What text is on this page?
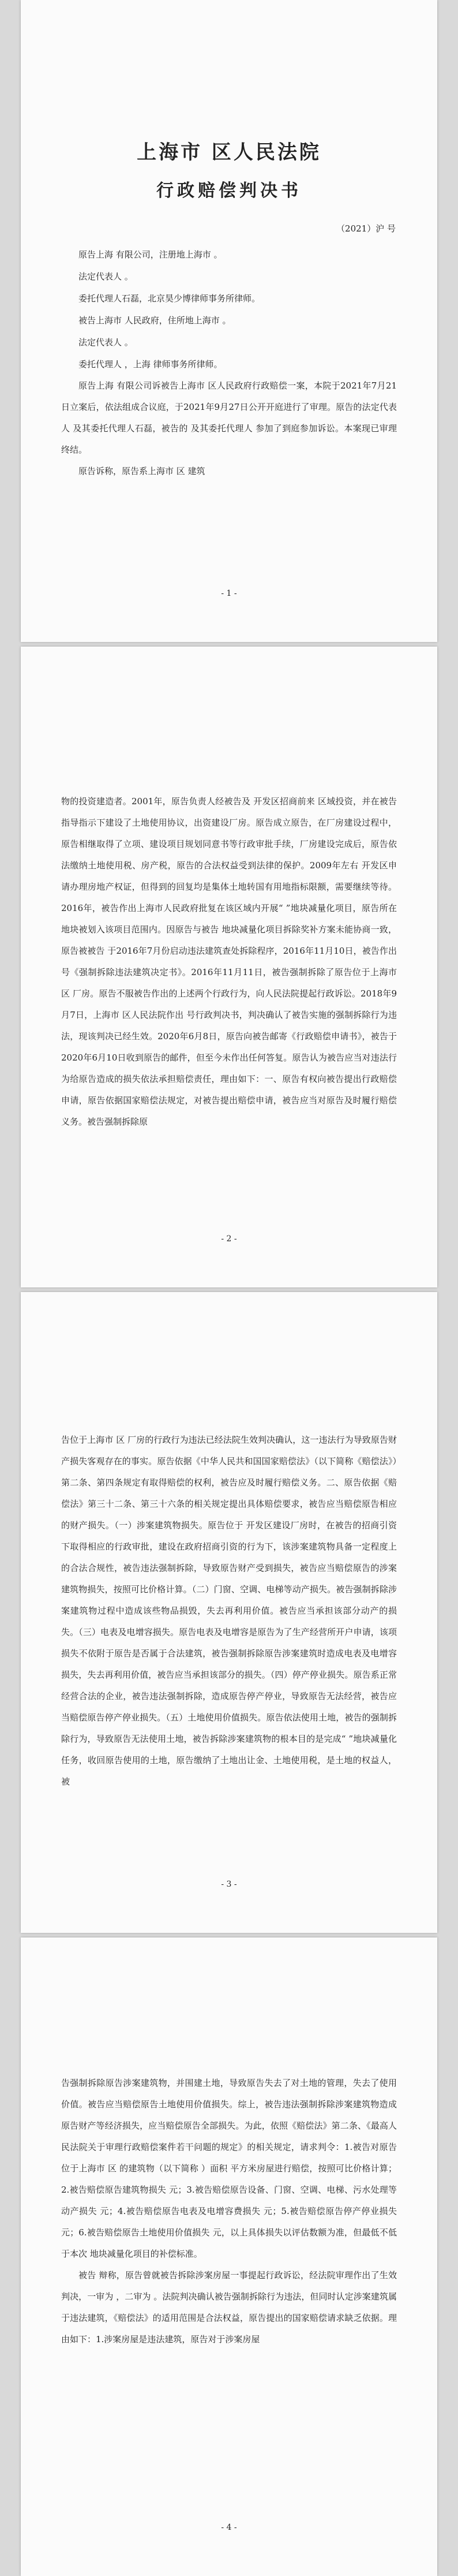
上海市 区人民法院
行政赔偿判决书
（2021）沪 号

原告上海 有限公司，注册地上海市 。

法定代表人 。

委托代理人石磊，北京昊少博律师事务所律师。

被告上海市 人民政府，住所地上海市 。

法定代表人 。

委托代理人 ，上海 律师事务所律师。

原告上海 有限公司诉被告上海市 区人民政府行政赔偿一案，本院于2021年7月21日立案后，依法组成合议庭，于2021年9月27日公开开庭进行了审理。原告的法定代表人 及其委托代理人石磊，被告的 及其委托代理人 参加了到庭参加诉讼。本案现已审理终结。

原告诉称，原告系上海市 区 建筑

- 1 -

物的投资建造者。2001年，原告负责人经被告及 开发区招商前来 区域投资，并在被告指导指示下建设了土地使用协议，出资建设厂房。原告成立原告，在厂房建设过程中，原告相继取得了立项、建设项目规划同意书等行政审批手续，厂房建设完成后，原告依法缴纳土地使用税、房产税，原告的合法权益受到法律的保护。2009年左右 开发区申请办理房地产权证，但得到的回复均是集体土地转国有用地指标限额，需要继续等待。2016年，被告作出上海市人民政府批复在该区域内开展“ ”地块减量化项目，原告所在地块被划入该项目范围内。因原告与被告 地块减量化项目拆除奖补方案未能协商一致，原告被被告 于2016年7月份启动违法建筑查处拆除程序，2016年11月10日，被告作出 号《强制拆除违法建筑决定书》。2016年11月11日，被告强制拆除了原告位于上海市 区 厂房。原告不服被告作出的上述两个行政行为，向人民法院提起行政诉讼。2018年9月7日，上海市 区人民法院作出 号行政判决书，判决确认了被告实施的强制拆除行为违法，现该判决已经生效。2020年6月8日，原告向被告邮寄《行政赔偿申请书》，被告于2020年6月10日收到原告的邮件，但至今未作出任何答复。原告认为被告应当对违法行为给原告造成的损失依法承担赔偿责任，理由如下：一、原告有权向被告提出行政赔偿申请，原告依据国家赔偿法规定，对被告提出赔偿申请，被告应当对原告及时履行赔偿义务。被告强制拆除原

- 2 -

告位于上海市 区 厂房的行政行为违法已经法院生效判决确认，这一违法行为导致原告财产损失客观存在的事实。原告依据《中华人民共和国国家赔偿法》（以下简称《赔偿法》）第二条、第四条规定有取得赔偿的权利，被告应及时履行赔偿义务。二、原告依据《赔偿法》第三十二条、第三十六条的相关规定提出具体赔偿要求，被告应当赔偿原告相应的财产损失。（一）涉案建筑物损失。原告位于 开发区建设厂房时，在被告的招商引资下取得相应的行政审批，建设在政府招商引资的行为下，该涉案建筑物具备一定程度上的合法合规性，被告违法强制拆除，导致原告财产受到损失，被告应当赔偿原告的涉案建筑物损失，按照可比价格计算。（二）门窗、空调、电梯等动产损失。被告强制拆除涉案建筑物过程中造成该些物品损毁，失去再利用价值。被告应当承担该部分动产的损失。（三）电表及电增容损失。原告电表及电增容是原告为了生产经营所开户申请，该项损失不依附于原告是否属于合法建筑，被告强制拆除原告涉案建筑时造成电表及电增容损失，失去再利用价值，被告应当承担该部分的损失。（四）停产停业损失。原告系正常经营合法的企业，被告违法强制拆除，造成原告停产停业，导致原告无法经营，被告应当赔偿原告停产停业损失。（五）土地使用价值损失。原告依法使用土地，被告的强制拆除行为，导致原告无法使用土地，被告拆除涉案建筑物的根本目的是完成“ ”地块减量化任务，收回原告使用的土地，原告缴纳了土地出让金、土地使用税，是土地的权益人，被

- 3 -

告强制拆除原告涉案建筑物，并围建土地，导致原告失去了对土地的管理，失去了使用价值。被告应当赔偿原告土地使用价值损失。综上，被告违法强制拆除涉案建筑物造成原告财产等经济损失，应当赔偿原告全部损失。为此，依照《赔偿法》第二条、《最高人民法院关于审理行政赔偿案件若干问题的规定》的相关规定，请求判令：1.被告对原告位于上海市 区 的建筑物（以下简称 ）面积 平方米房屋进行赔偿，按照可比价格计算；2.被告赔偿原告建筑物损失 元；3.被告赔偿原告设备、门窗、空调、电梯、污水处理等动产损失 元；4.被告赔偿原告电表及电增容费损失 元；5.被告赔偿原告停产停业损失 元；6.被告赔偿原告土地使用价值损失 元，以上具体损失以评估数额为准，但最低不低于本次 地块减量化项目的补偿标准。

被告 辩称，原告曾就被告拆除涉案房屋一事提起行政诉讼，经法院审理作出了生效判决，一审为 ，二审为 。法院判决确认被告强制拆除行为违法，但同时认定涉案建筑属于违法建筑，《赔偿法》的适用范围是合法权益，原告提出的国家赔偿请求缺乏依据。理由如下：1.涉案房屋是违法建筑，原告对于涉案房屋

- 4 -
